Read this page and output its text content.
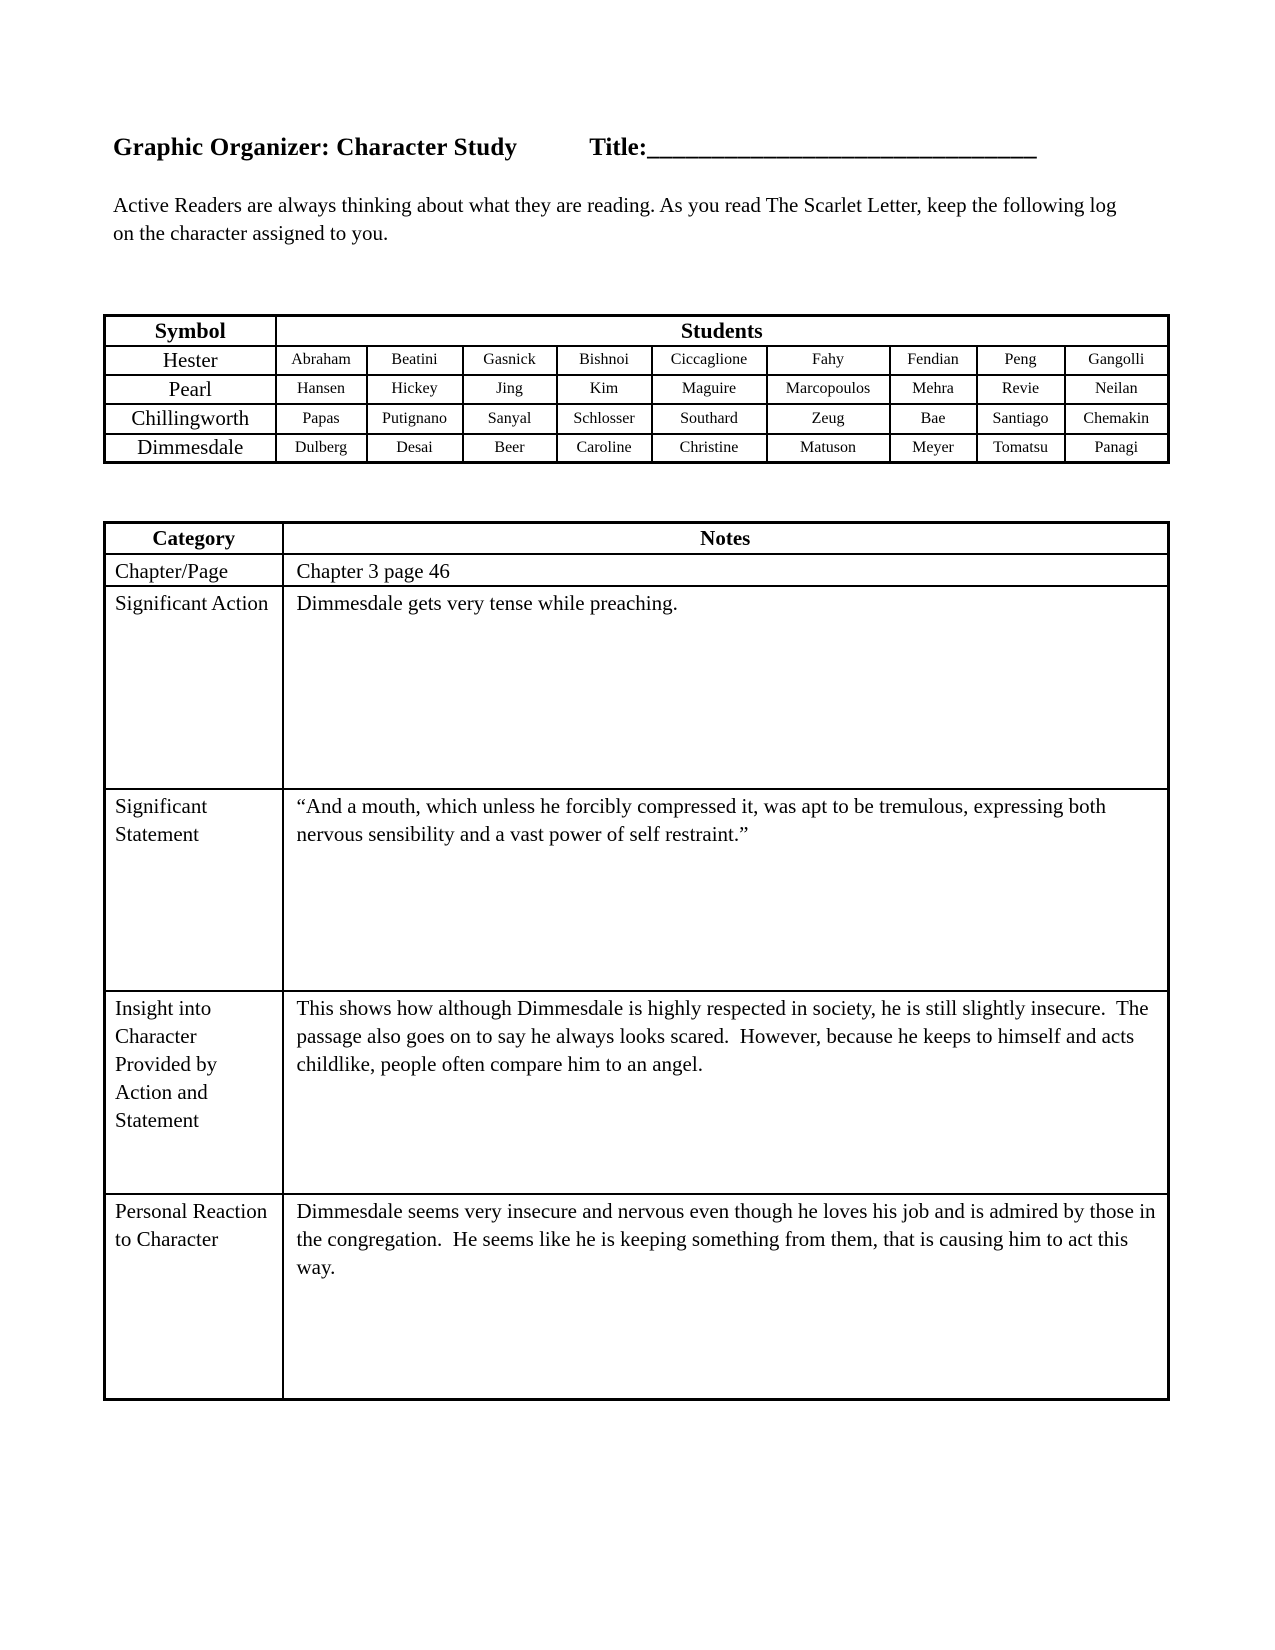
Graphic Organizer: Character Study	Title:______________________________

Active Readers are always thinking about what they are reading. As you read The Scarlet Letter, keep the following log on the character assigned to you.

Symbol	Students								
Hester	Abraham	Beatini	Gasnick	Bishnoi	Ciccaglione	Fahy	Fendian	Peng	Gangolli
Pearl	Hansen	Hickey	Jing	Kim	Maguire	Marcopoulos	Mehra	Revie	Neilan
Chillingworth	Papas	Putignano	Sanyal	Schlosser	Southard	Zeug	Bae	Santiago	Chemakin
Dimmesdale	Dulberg	Desai	Beer	Caroline	Christine	Matuson	Meyer	Tomatsu	Panagi
Category	Notes
Chapter/Page	Chapter 3 page 46
Significant Action	Dimmesdale gets very tense while preaching.
Significant Statement	“And a mouth, which unless he forcibly compressed it, was apt to be tremulous, expressing both nervous sensibility and a vast power of self restraint.”
Insight into Character Provided by Action and Statement	This shows how although Dimmesdale is highly respected in society, he is still slightly insecure.  The passage also goes on to say he always looks scared.  However, because he keeps to himself and acts childlike, people often compare him to an angel.
Personal Reaction to Character	Dimmesdale seems very insecure and nervous even though he loves his job and is admired by those in the congregation.  He seems like he is keeping something from them, that is causing him to act this way.
